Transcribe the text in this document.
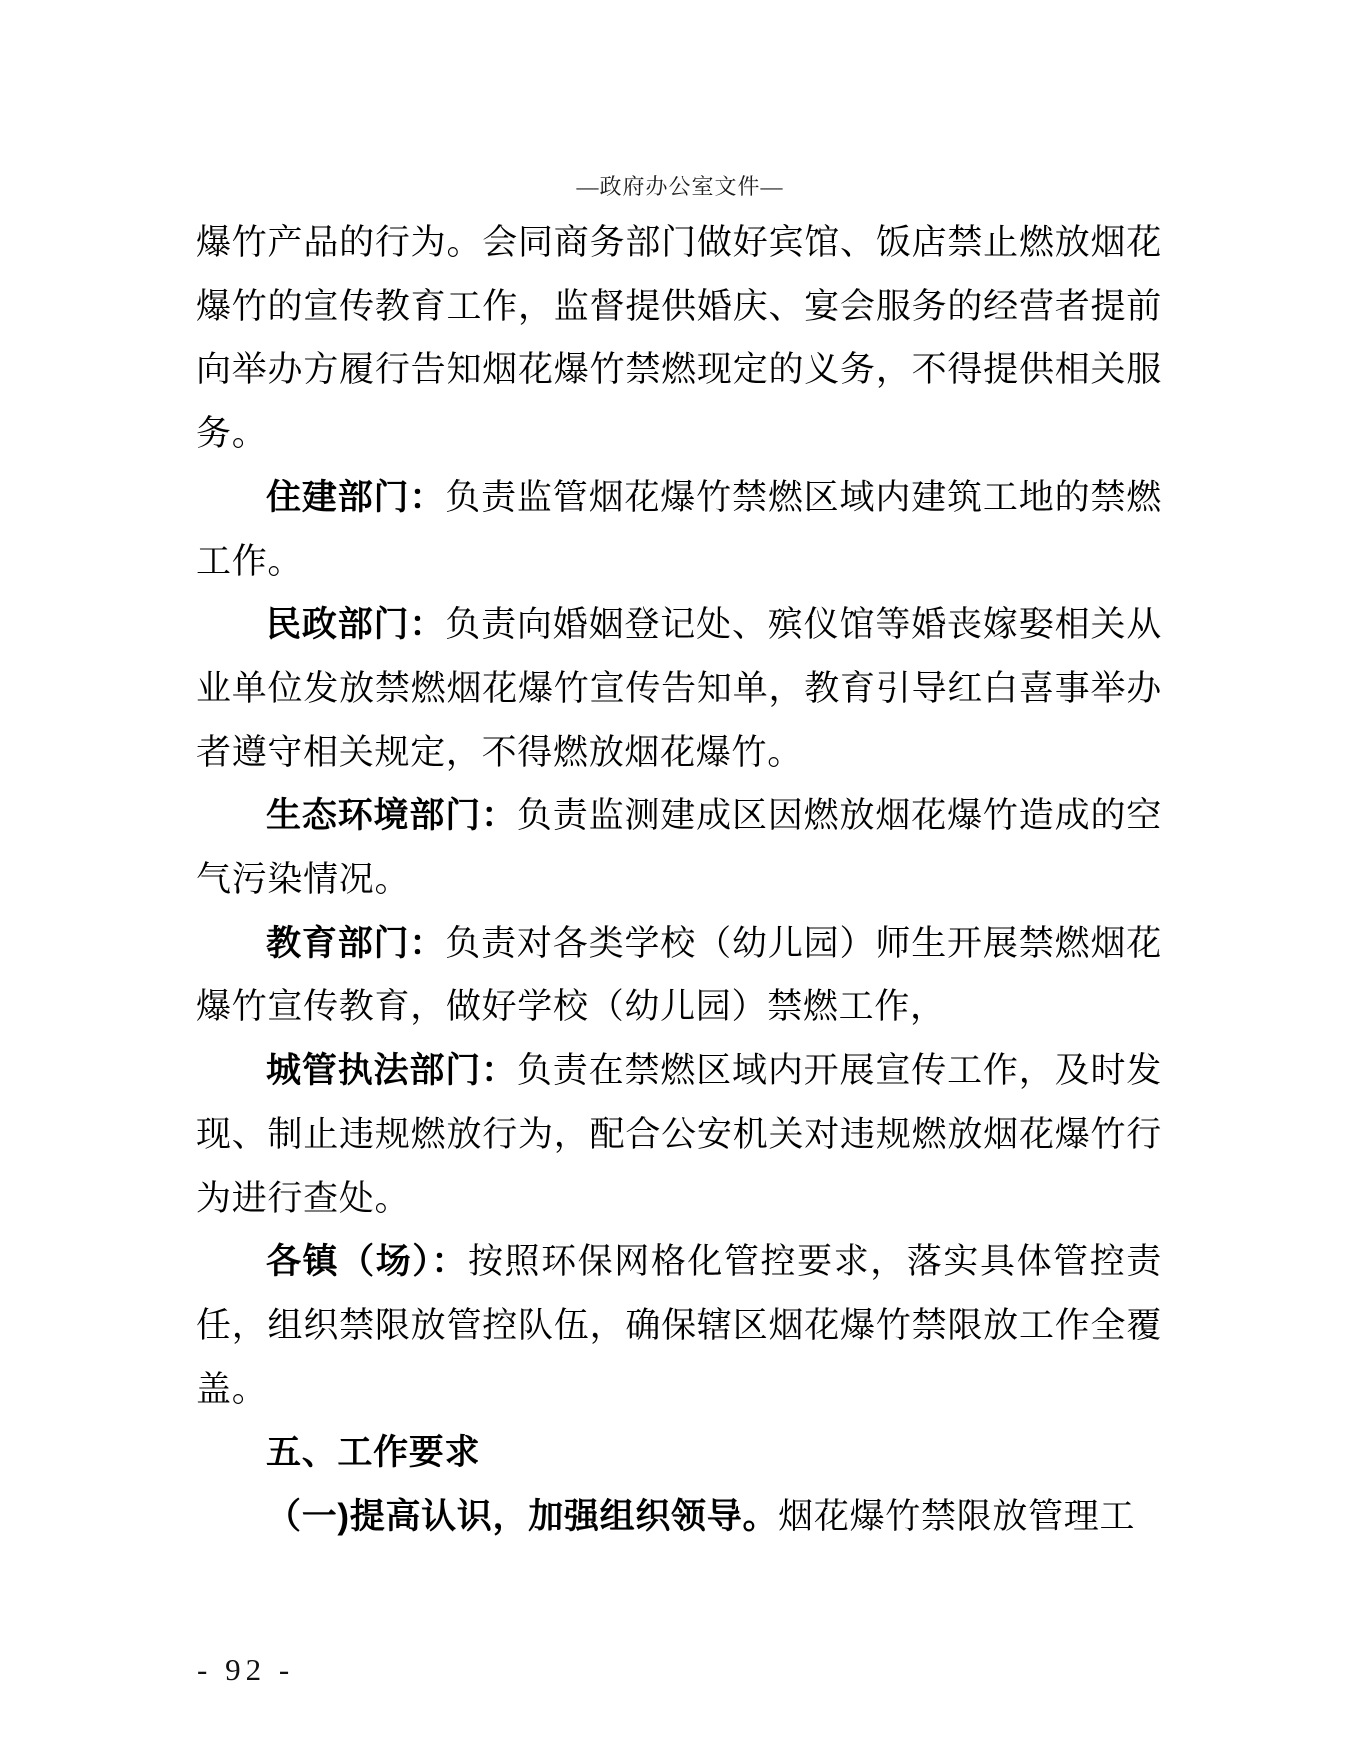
—政府办公室文件—

爆竹产品的行为。会同商务部门做好宾馆、饭店禁止燃放烟花爆竹的宣传教育工作，监督提供婚庆、宴会服务的经营者提前向举办方履行告知烟花爆竹禁燃现定的义务，不得提供相关服务。

住建部门：负责监管烟花爆竹禁燃区域内建筑工地的禁燃工作。

民政部门：负责向婚姻登记处、殡仪馆等婚丧嫁娶相关从业单位发放禁燃烟花爆竹宣传告知单，教育引导红白喜事举办者遵守相关规定，不得燃放烟花爆竹。

生态环境部门：负责监测建成区因燃放烟花爆竹造成的空气污染情况。

教育部门：负责对各类学校（幼儿园）师生开展禁燃烟花爆竹宣传教育，做好学校（幼儿园）禁燃工作，

城管执法部门：负责在禁燃区域内开展宣传工作，及时发现、制止违规燃放行为，配合公安机关对违规燃放烟花爆竹行为进行查处。

各镇（场）：按照环保网格化管控要求，落实具体管控责任，组织禁限放管控队伍，确保辖区烟花爆竹禁限放工作全覆盖。

五、工作要求

（一)提高认识，加强组织领导。烟花爆竹禁限放管理工

- 92 -
